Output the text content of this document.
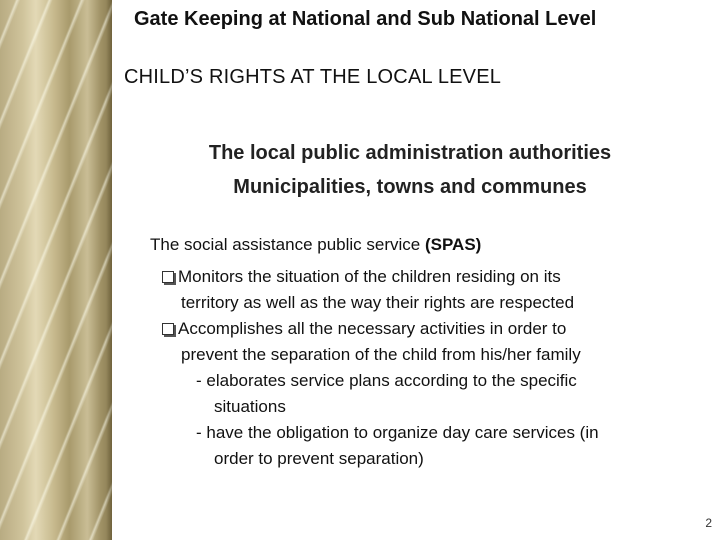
Gate Keeping at National and Sub National Level
CHILD’S RIGHTS AT THE LOCAL LEVEL
The local public administration authorities
Municipalities, towns and communes
The social assistance public service (SPAS)
Monitors the situation of the children residing on its
territory as well as the way their rights are respected
Accomplishes all the necessary activities in order to
prevent the separation of the child from his/her family
- elaborates service plans according to the specific
situations
- have the obligation to organize day care services (in
order to prevent separation)
2
